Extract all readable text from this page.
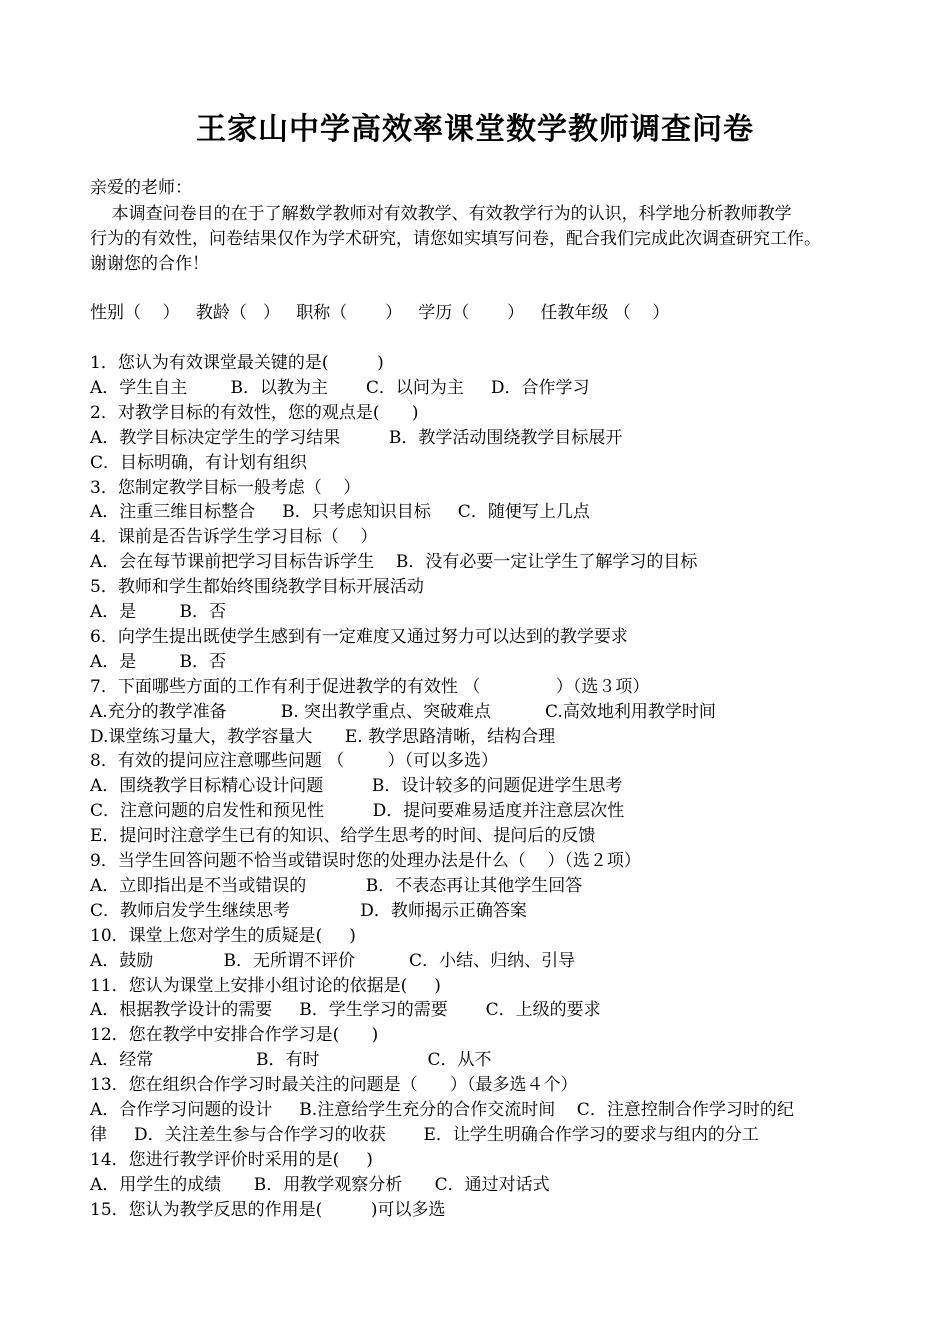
王家山中学高效率课堂数学教师调查问卷
亲爱的老师：
本调查问卷目的在于了解数学教师对有效教学、有效教学行为的认识，科学地分析教师教学
行为的有效性，问卷结果仅作为学术研究，请您如实填写问卷，配合我们完成此次调查研究工作。
谢谢您的合作！
性别（    ）   教龄（   ）   职称（       ）   学历（       ）   任教年级 （    ）
1．您认为有效课堂最关键的是(         )
A．学生自主        B．以教为主       C．以问为主     D．合作学习
2．对教学目标的有效性，您的观点是(      )
A．教学目标决定学生的学习结果         B．教学活动围绕教学目标展开
C．目标明确，有计划有组织
3．您制定教学目标一般考虑（    ）
A．注重三维目标整合     B．只考虑知识目标     C．随便写上几点
4．课前是否告诉学生学习目标（    ）
A．会在每节课前把学习目标告诉学生    B．没有必要一定让学生了解学习的目标
5．教师和学生都始终围绕教学目标开展活动
A．是        B．否
6．向学生提出既使学生感到有一定难度又通过努力可以达到的教学要求
A．是        B．否
7．下面哪些方面的工作有利于促进教学的有效性 （              ）（选３项）
A.充分的教学准备          B. 突出教学重点、突破难点          C.高效地利用教学时间
D.课堂练习量大，教学容量大      E. 教学思路清晰，结构合理
8．有效的提问应注意哪些问题 （        ）（可以多选）
A．围绕教学目标精心设计问题         B．设计较多的问题促进学生思考
C．注意问题的启发性和预见性         D．提问要难易适度并注意层次性
E．提问时注意学生已有的知识、给学生思考的时间、提问后的反馈
9．当学生回答问题不恰当或错误时您的处理办法是什么（    ）（选２项）
A．立即指出是不当或错误的           B．不表态再让其他学生回答
C．教师启发学生继续思考             D．教师揭示正确答案
10．课堂上您对学生的质疑是(     )
A．鼓励             B．无所谓不评价          C．小结、归纳、引导
11．您认为课堂上安排小组讨论的依据是(     )
A．根据教学设计的需要     B．学生学习的需要       C．上级的要求
12．您在教学中安排合作学习是(      )
A．经常                   B．有时                    C．从不
13．您在组织合作学习时最关注的问题是（      ）（最多选４个）
A．合作学习问题的设计     B.注意给学生充分的合作交流时间    C．注意控制合作学习时的纪
律     D．关注差生参与合作学习的收获       E．让学生明确合作学习的要求与组内的分工
14．您进行教学评价时采用的是(     )
A．用学生的成绩      B．用教学观察分析      C．通过对话式
15．您认为教学反思的作用是(         )可以多选
